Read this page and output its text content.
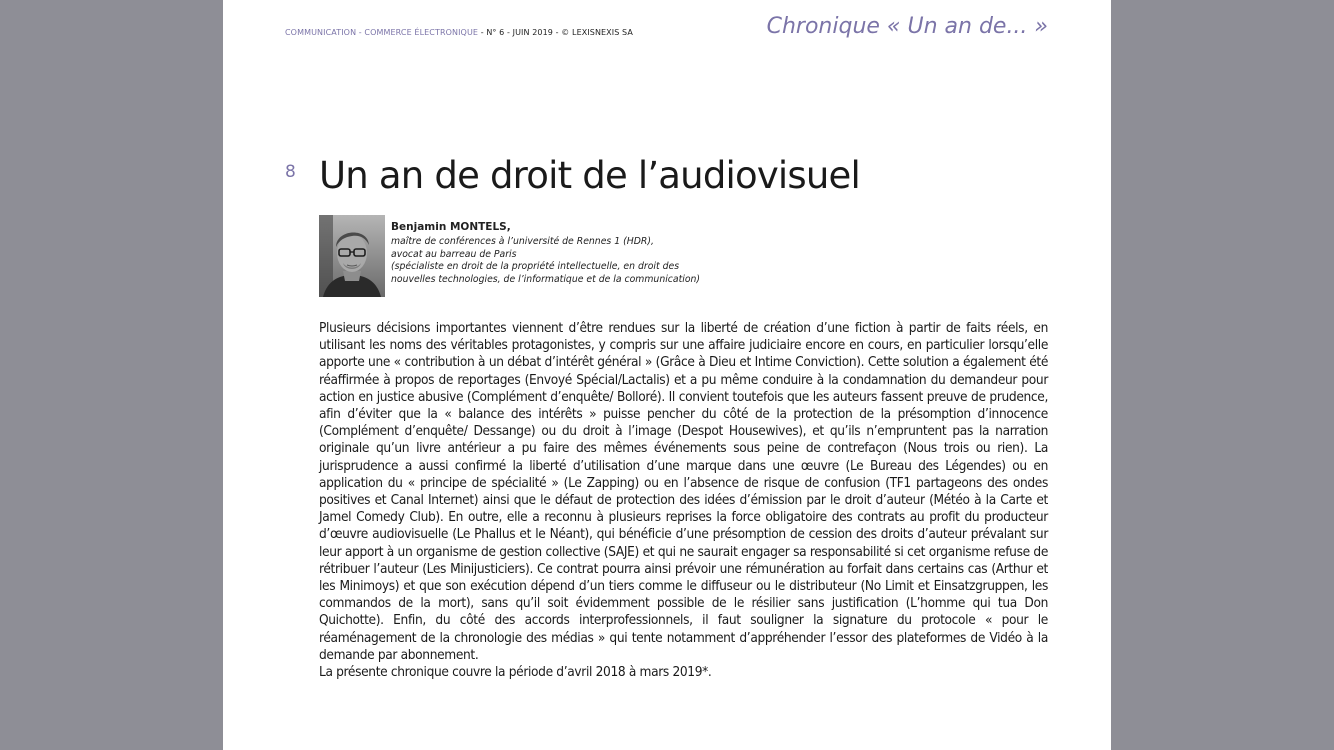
COMMUNICATION - COMMERCE ÉLECTRONIQUE - N° 6 - JUIN 2019 - © LEXISNEXIS SA	Chronique « Un an de... »
8 Un an de droit de l’audiovisuel
Benjamin MONTELS,
maître de conférences à l’université de Rennes 1 (HDR),
avocat au barreau de Paris
(spécialiste en droit de la propriété intellectuelle, en droit des
nouvelles technologies, de l’informatique et de la communication)

Plusieurs décisions importantes viennent d’être rendues sur la liberté de création d’une fiction à partir de faits réels, en utilisant les noms des véritables protagonistes, y compris sur une affaire judiciaire encore en cours, en particulier lorsqu’elle apporte une « contribution à un débat d’intérêt général » (Grâce à Dieu et Intime Conviction). Cette solution a également été réaffirmée à propos de reportages (Envoyé Spécial/Lactalis) et a pu même conduire à la condamnation du demandeur pour action en justice abusive (Complément d’enquête/ Bolloré). Il convient toutefois que les auteurs fassent preuve de prudence, afin d’éviter que la « balance des intérêts » puisse pencher du côté de la protection de la présomption d’innocence (Complément d’enquête/ Dessange) ou du droit à l’image (Despot Housewives), et qu’ils n’empruntent pas la narration originale qu’un livre antérieur a pu faire des mêmes événements sous peine de contrefaçon (Nous trois ou rien). La jurisprudence a aussi confirmé la liberté d’utilisation d’une marque dans une œuvre (Le Bureau des Légendes) ou en application du « principe de spécialité » (Le Zapping) ou en l’absence de risque de confusion (TF1 partageons des ondes positives et Canal Internet) ainsi que le défaut de protection des idées d’émission par le droit d’auteur (Météo à la Carte et Jamel Comedy Club). En outre, elle a reconnu à plusieurs reprises la force obligatoire des contrats au profit du producteur d’œuvre audiovisuelle (Le Phallus et le Néant), qui bénéficie d’une présomption de cession des droits d’auteur prévalant sur leur apport à un organisme de gestion collective (SAJE) et qui ne saurait engager sa responsabilité si cet organisme refuse de rétribuer l’auteur (Les Minijusticiers). Ce contrat pourra ainsi prévoir une rémunération au forfait dans certains cas (Arthur et les Minimoys) et que son exécution dépend d’un tiers comme le diffuseur ou le distributeur (No Limit et Einsatzgruppen, les commandos de la mort), sans qu’il soit évidemment possible de le résilier sans justification (L’homme qui tua Don Quichotte). Enfin, du côté des accords interprofessionnels, il faut souligner la signature du protocole « pour le réaménagement de la chronologie des médias » qui tente notamment d’appréhender l’essor des plateformes de Vidéo à la demande par abonnement.

La présente chronique couvre la période d’avril 2018 à mars 2019*.
